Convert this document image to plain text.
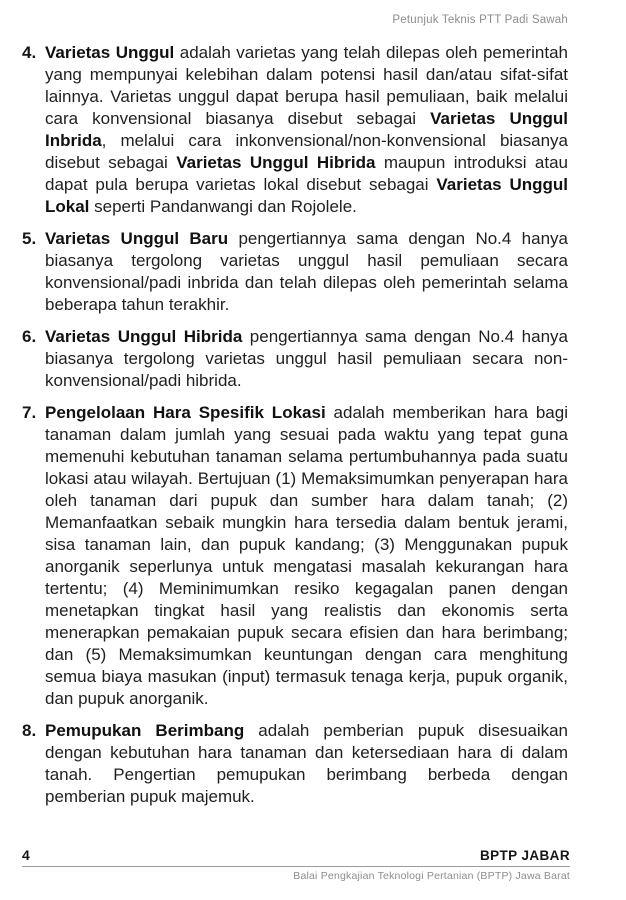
Petunjuk Teknis PTT Padi Sawah
4. Varietas Unggul adalah varietas yang telah dilepas oleh pemerintah yang mempunyai kelebihan dalam potensi hasil dan/atau sifat-sifat lainnya. Varietas unggul dapat berupa hasil pemuliaan, baik melalui cara konvensional biasanya disebut sebagai Varietas Unggul Inbrida, melalui cara inkonvensional/non-konvensional biasanya disebut sebagai Varietas Unggul Hibrida maupun introduksi atau dapat pula berupa varietas lokal disebut sebagai Varietas Unggul Lokal seperti Pandanwangi dan Rojolele.
5. Varietas Unggul Baru pengertiannya sama dengan No.4 hanya biasanya tergolong varietas unggul hasil pemuliaan secara konvensional/padi inbrida dan telah dilepas oleh pemerintah selama beberapa tahun terakhir.
6. Varietas Unggul Hibrida pengertiannya sama dengan No.4 hanya biasanya tergolong varietas unggul hasil pemuliaan secara non-konvensional/padi hibrida.
7. Pengelolaan Hara Spesifik Lokasi adalah memberikan hara bagi tanaman dalam jumlah yang sesuai pada waktu yang tepat guna memenuhi kebutuhan tanaman selama pertumbuhannya pada suatu lokasi atau wilayah. Bertujuan (1) Memaksimumkan penyerapan hara oleh tanaman dari pupuk dan sumber hara dalam tanah; (2) Memanfaatkan sebaik mungkin hara tersedia dalam bentuk jerami, sisa tanaman lain, dan pupuk kandang; (3) Menggunakan pupuk anorganik seperlunya untuk mengatasi masalah kekurangan hara tertentu; (4) Meminimumkan resiko kegagalan panen dengan menetapkan tingkat hasil yang realistis dan ekonomis serta menerapkan pemakaian pupuk secara efisien dan hara berimbang; dan (5) Memaksimumkan keuntungan dengan cara menghitung semua biaya masukan (input) termasuk tenaga kerja, pupuk organik, dan pupuk anorganik.
8. Pemupukan Berimbang adalah pemberian pupuk disesuaikan dengan kebutuhan hara tanaman dan ketersediaan hara di dalam tanah. Pengertian pemupukan berimbang berbeda dengan pemberian pupuk majemuk.
4	BPTP JABAR
Balai Pengkajian Teknologi Pertanian (BPTP) Jawa Barat
